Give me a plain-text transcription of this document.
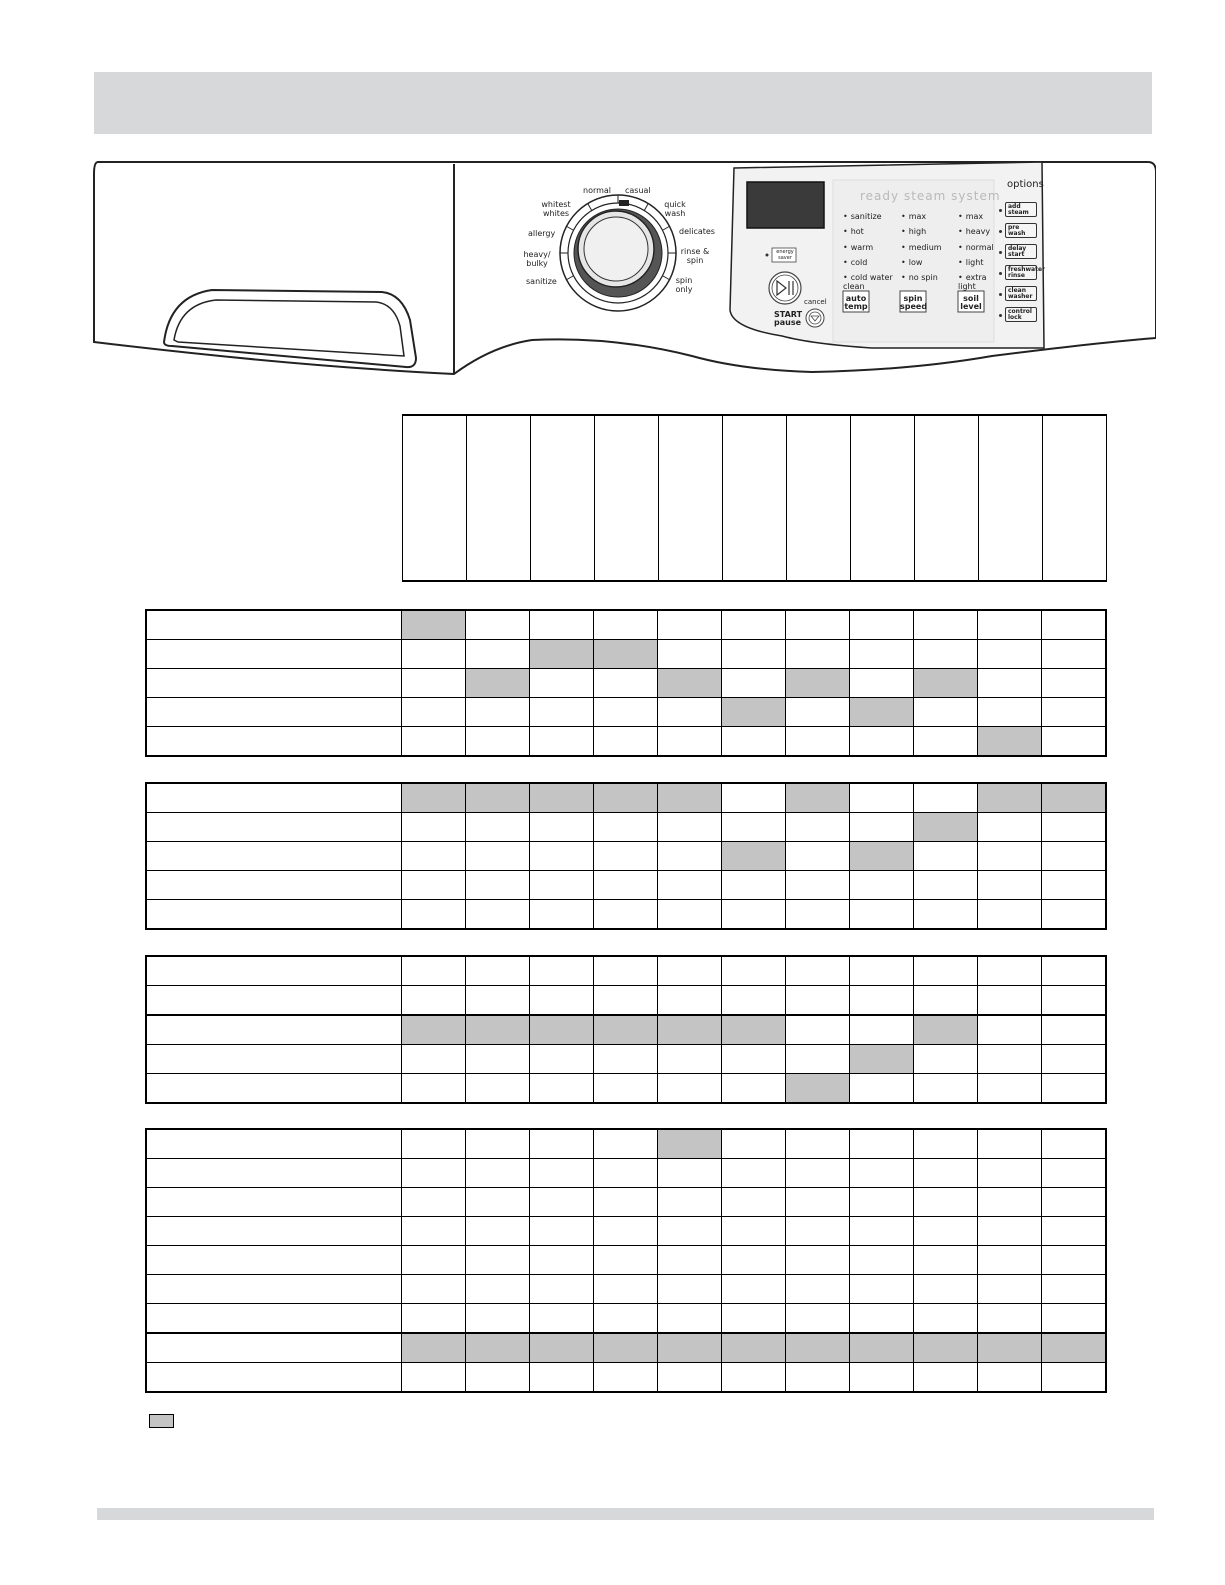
normal casual
quick wash
delicates
rinse & spin
spin only
sanitize
heavy/ bulky
allergy
whitest whites
ready steam system
energy saver
START
pause
cancel
• sanitize
• hot
• warm
• cold
• cold water clean
auto temp
• max
• high
• medium
• low
• no spin
spin speed
• max
• heavy
• normal
• light
• extra light
soil level
options
add steam
pre wash
delay start
freshwater rinse
clean washer
control lock
